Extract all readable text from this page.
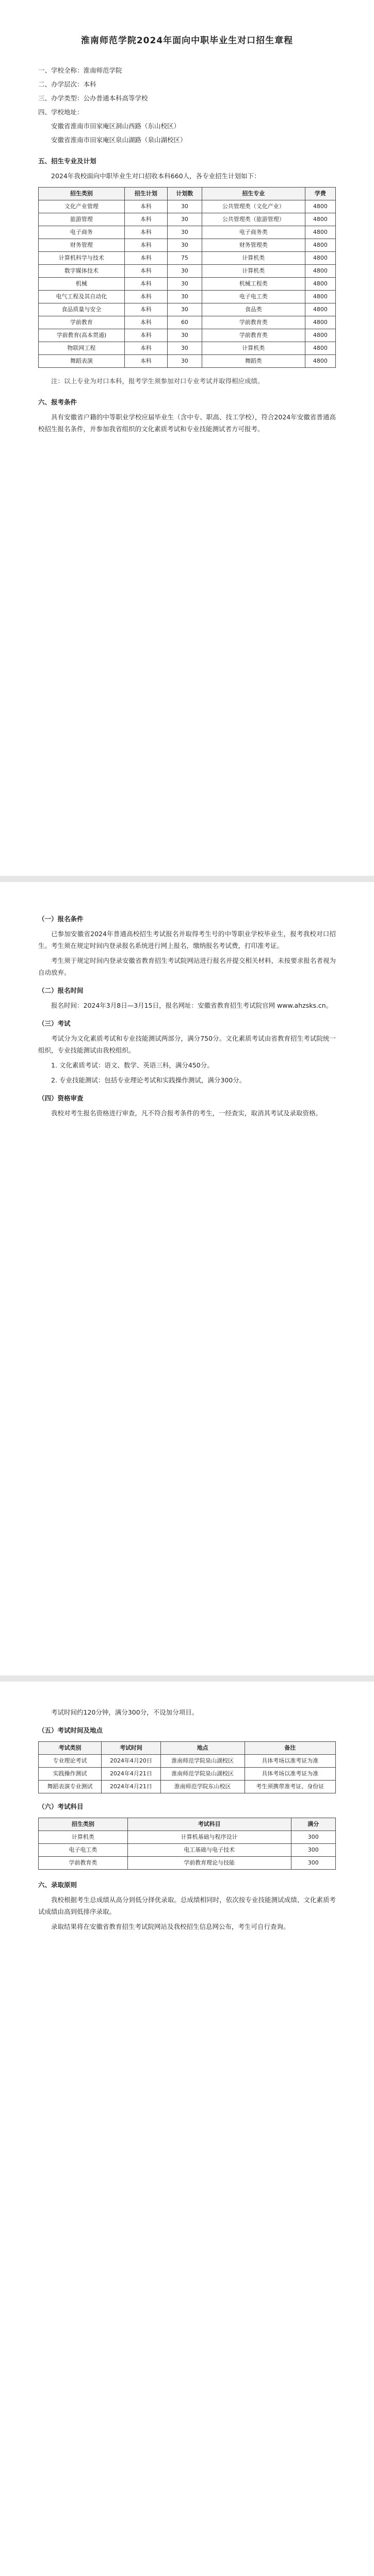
淮南师范学院2024年面向中职毕业生对口招生章程
一、学校全称：淮南师范学院
二、办学层次：本科
三、办学类型：公办普通本科高等学校
四、学校地址：
安徽省淮南市田家庵区洞山西路（东山校区）
安徽省淮南市田家庵区泉山湖路（泉山湖校区）
五、招生专业及计划
2024年我校面向中职毕业生对口招收本科660人，各专业招生计划如下：
招生类别	招生计划	计划数	招生专业	学费
文化产业管理	本科	30	公共管理类（文化产业）	4800
旅游管理	本科	30	公共管理类（旅游管理）	4800
电子商务	本科	30	电子商务类	4800
财务管理	本科	30	财务管理类	4800
计算机科学与技术	本科	75	计算机类	4800
数字媒体技术	本科	30	计算机类	4800
机械	本科	30	机械工程类	4800
电气工程及其自动化	本科	30	电子电工类	4800
食品质量与安全	本科	30	食品类	4800
学前教育	本科	60	学前教育类	4800
学前教育(高本贯通)	本科	30	学前教育类	4800
物联网工程	本科	30	计算机类	4800
舞蹈表演	本科	30	舞蹈类	4800
注：以上专业为对口本科，报考学生须参加对口专业考试并取得相应成绩。
六、报考条件
具有安徽省户籍的中等职业学校应届毕业生（含中专、职高、技工学校），符合2024年安徽省普通高校招生报名条件，并参加我省组织的文化素质考试和专业技能测试者方可报考。
（一）报名条件
已参加安徽省2024年普通高校招生考试报名并取得考生号的中等职业学校毕业生，报考我校对口招生。考生须在规定时间内登录报名系统进行网上报名，缴纳报名考试费，打印准考证。
考生须于规定时间内登录安徽省教育招生考试院网站进行报名并提交相关材料，未按要求报名者视为自动放弃。
（二）报名时间
报名时间：2024年3月8日—3月15日，报名网址：安徽省教育招生考试院官网 www.ahzsks.cn。
（三）考试
考试分为文化素质考试和专业技能测试两部分，满分750分。文化素质考试由省教育招生考试院统一组织，专业技能测试由我校组织。
1. 文化素质考试：语文、数学、英语三科，满分450分。
2. 专业技能测试：包括专业理论考试和实践操作测试，满分300分。
（四）资格审查
我校对考生报名资格进行审查，凡不符合报考条件的考生，一经查实，取消其考试及录取资格。
考试时间约120分钟，满分300分，不设加分项目。
（五）考试时间及地点
考试类别	考试时间	地点	备注
专业理论考试	2024年4月20日	淮南师范学院泉山湖校区	具体考场以准考证为准
实践操作测试	2024年4月21日	淮南师范学院泉山湖校区	具体考场以准考证为准
舞蹈表演专业测试	2024年4月21日	淮南师范学院东山校区	考生须携带准考证、身份证
（六）考试科目
招生类别	考试科目	满分
计算机类	计算机基础与程序设计	300
电子电工类	电工基础与电子技术	300
学前教育类	学前教育理论与技能	300
六、录取原则
我校根据考生总成绩从高分到低分择优录取。总成绩相同时，依次按专业技能测试成绩、文化素质考试成绩由高到低排序录取。
录取结果将在安徽省教育招生考试院网站及我校招生信息网公布，考生可自行查询。
